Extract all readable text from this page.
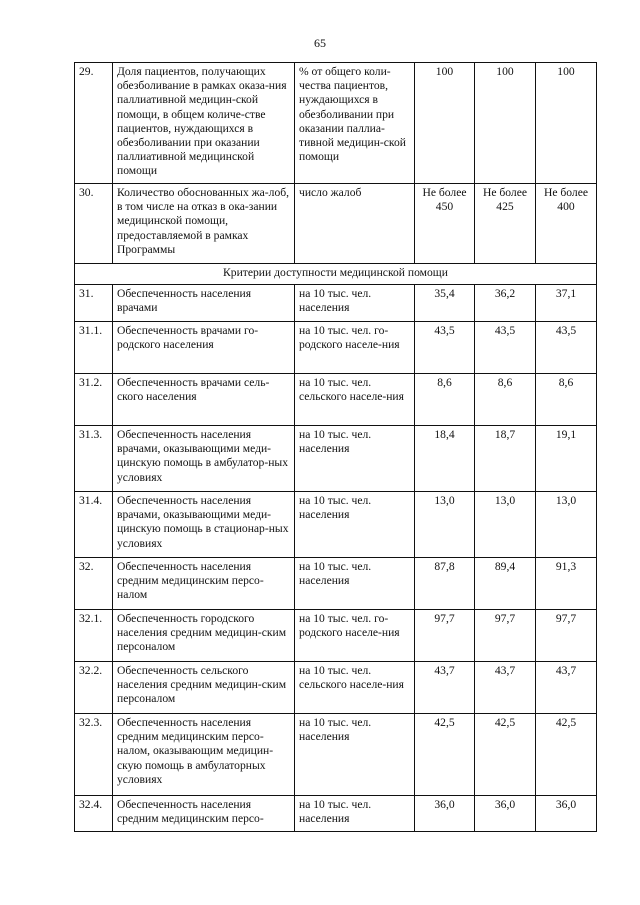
65
29.	Доля пациентов, получающих обезболивание в рамках оказа-ния паллиативной медицин-ской помощи, в общем количе-стве пациентов, нуждающихся в обезболивании при оказании паллиативной медицинской помощи	% от общего коли-чества пациентов, нуждающихся в обезболивании при оказании паллиа-тивной медицин-ской помощи	100	100	100
30.	Количество обоснованных жа-лоб, в том числе на отказ в ока-зании медицинской помощи, предоставляемой в рамках Программы	число жалоб	Не более 450	Не более 425	Не более 400
Критерии доступности медицинской помощи					
31.	Обеспеченность населения врачами	на 10 тыс. чел. населения	35,4	36,2	37,1
31.1.	Обеспеченность врачами го-родского населения	на 10 тыс. чел. го-родского населе-ния	43,5	43,5	43,5
31.2.	Обеспеченность врачами сель-ского населения	на 10 тыс. чел. сельского населе-ния	8,6	8,6	8,6
31.3.	Обеспеченность населения врачами, оказывающими меди-цинскую помощь в амбулатор-ных условиях	на 10 тыс. чел. населения	18,4	18,7	19,1
31.4.	Обеспеченность населения врачами, оказывающими меди-цинскую помощь в стационар-ных условиях	на 10 тыс. чел. населения	13,0	13,0	13,0
32.	Обеспеченность населения средним медицинским персо-налом	на 10 тыс. чел. населения	87,8	89,4	91,3
32.1.	Обеспеченность городского населения средним медицин-ским персоналом	на 10 тыс. чел. го-родского населе-ния	97,7	97,7	97,7
32.2.	Обеспеченность сельского населения средним медицин-ским персоналом	на 10 тыс. чел. сельского населе-ния	43,7	43,7	43,7
32.3.	Обеспеченность населения средним медицинским персо-налом, оказывающим медицин-скую помощь в амбулаторных условиях	на 10 тыс. чел. населения	42,5	42,5	42,5
32.4.	Обеспеченность населения средним медицинским персо-	на 10 тыс. чел. населения	36,0	36,0	36,0
